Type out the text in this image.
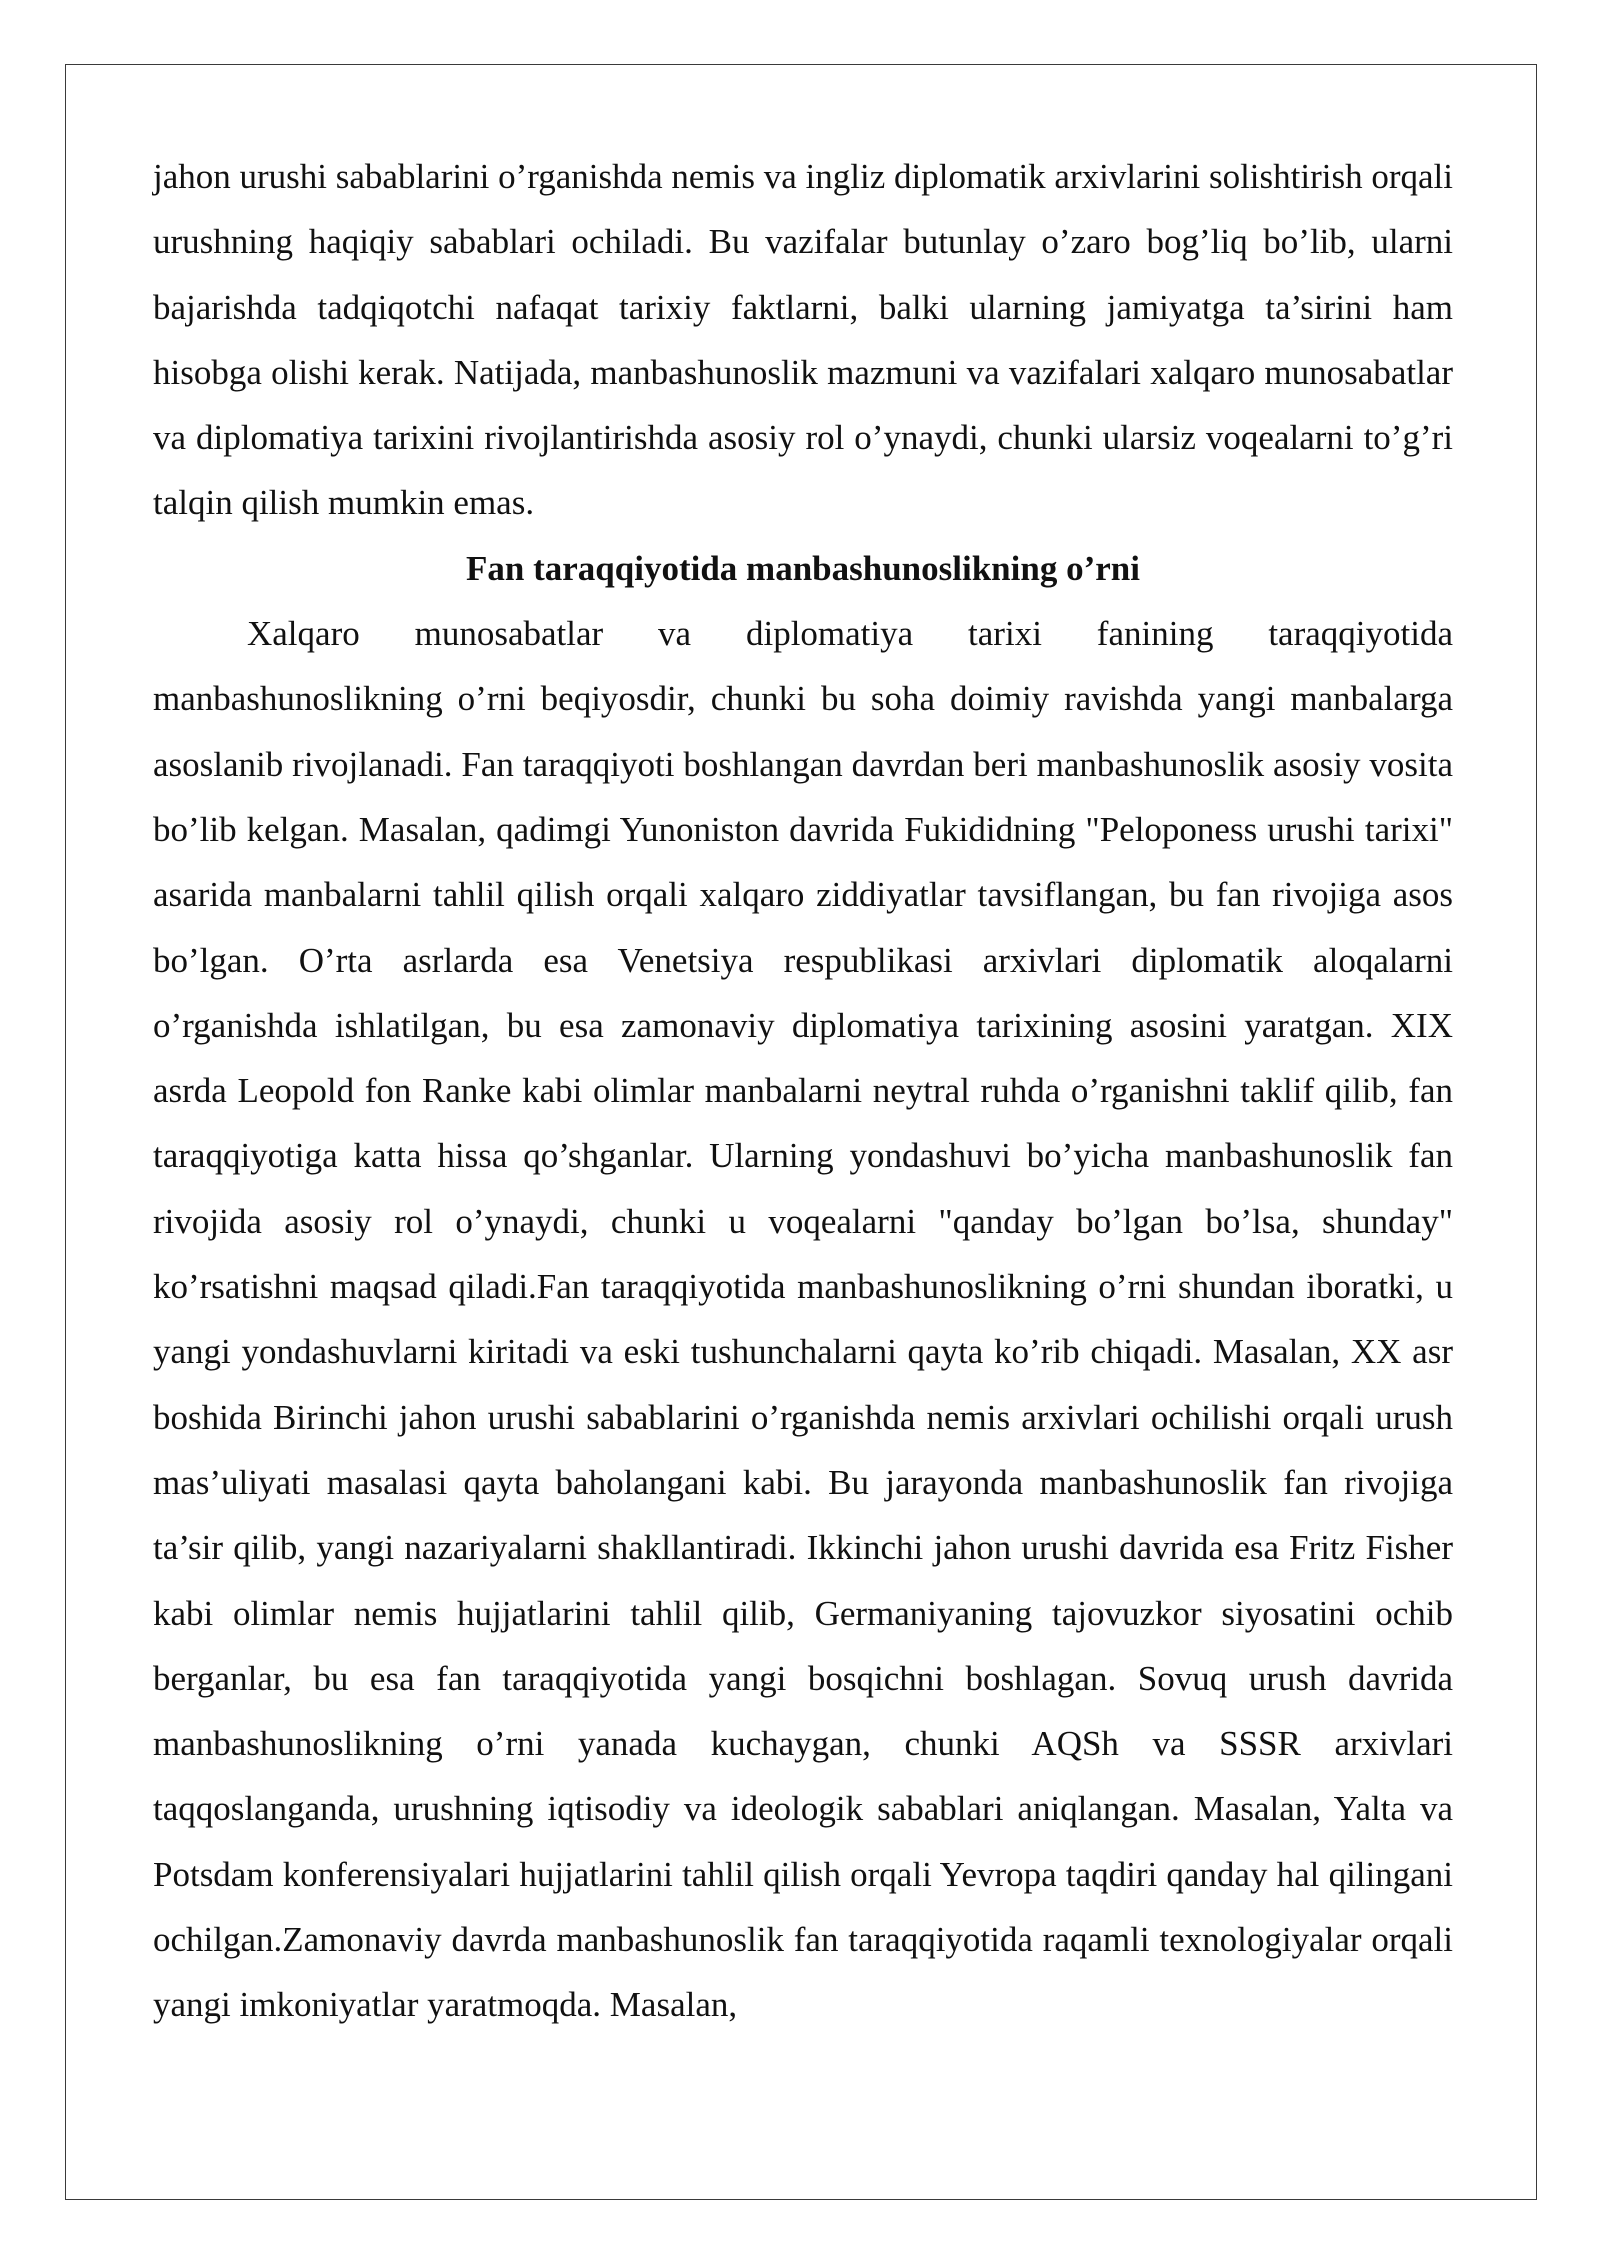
jahon urushi sabablarini o’rganishda nemis va ingliz diplomatik arxivlarini solishtirish orqali urushning haqiqiy sabablari ochiladi. Bu vazifalar butunlay o’zaro bog’liq bo’lib, ularni bajarishda tadqiqotchi nafaqat tarixiy faktlarni, balki ularning jamiyatga ta’sirini ham hisobga olishi kerak. Natijada, manbashunoslik mazmuni va vazifalari xalqaro munosabatlar va diplomatiya tarixini rivojlantirishda asosiy rol o’ynaydi, chunki ularsiz voqealarni to’g’ri talqin qilish mumkin emas.

Fan taraqqiyotida manbashunoslikning o’rni

Xalqaro munosabatlar va diplomatiya tarixi fanining taraqqiyotida manbashunoslikning o’rni beqiyosdir, chunki bu soha doimiy ravishda yangi manbalarga asoslanib rivojlanadi. Fan taraqqiyoti boshlangan davrdan beri manbashunoslik asosiy vosita bo’lib kelgan. Masalan, qadimgi Yunoniston davrida Fukididning "Peloponess urushi tarixi" asarida manbalarni tahlil qilish orqali xalqaro ziddiyatlar tavsiflangan, bu fan rivojiga asos bo’lgan. O’rta asrlarda esa Venetsiya respublikasi arxivlari diplomatik aloqalarni o’rganishda ishlatilgan, bu esa zamonaviy diplomatiya tarixining asosini yaratgan. XIX asrda Leopold fon Ranke kabi olimlar manbalarni neytral ruhda o’rganishni taklif qilib, fan taraqqiyotiga katta hissa qo’shganlar. Ularning yondashuvi bo’yicha manbashunoslik fan rivojida asosiy rol o’ynaydi, chunki u voqealarni "qanday bo’lgan bo’lsa, shunday" ko’rsatishni maqsad qiladi.Fan taraqqiyotida manbashunoslikning o’rni shundan iboratki, u yangi yondashuvlarni kiritadi va eski tushunchalarni qayta ko’rib chiqadi. Masalan, XX asr boshida Birinchi jahon urushi sabablarini o’rganishda nemis arxivlari ochilishi orqali urush mas’uliyati masalasi qayta baholangani kabi. Bu jarayonda manbashunoslik fan rivojiga ta’sir qilib, yangi nazariyalarni shakllantiradi. Ikkinchi jahon urushi davrida esa Fritz Fisher kabi olimlar nemis hujjatlarini tahlil qilib, Germaniyaning tajovuzkor siyosatini ochib berganlar, bu esa fan taraqqiyotida yangi bosqichni boshlagan. Sovuq urush davrida manbashunoslikning o’rni yanada kuchaygan, chunki AQSh va SSSR arxivlari taqqoslanganda, urushning iqtisodiy va ideologik sabablari aniqlangan. Masalan, Yalta va Potsdam konferensiyalari hujjatlarini tahlil qilish orqali Yevropa taqdiri qanday hal qilingani ochilgan.Zamonaviy davrda manbashunoslik fan taraqqiyotida raqamli texnologiyalar orqali yangi imkoniyatlar yaratmoqda. Masalan,
